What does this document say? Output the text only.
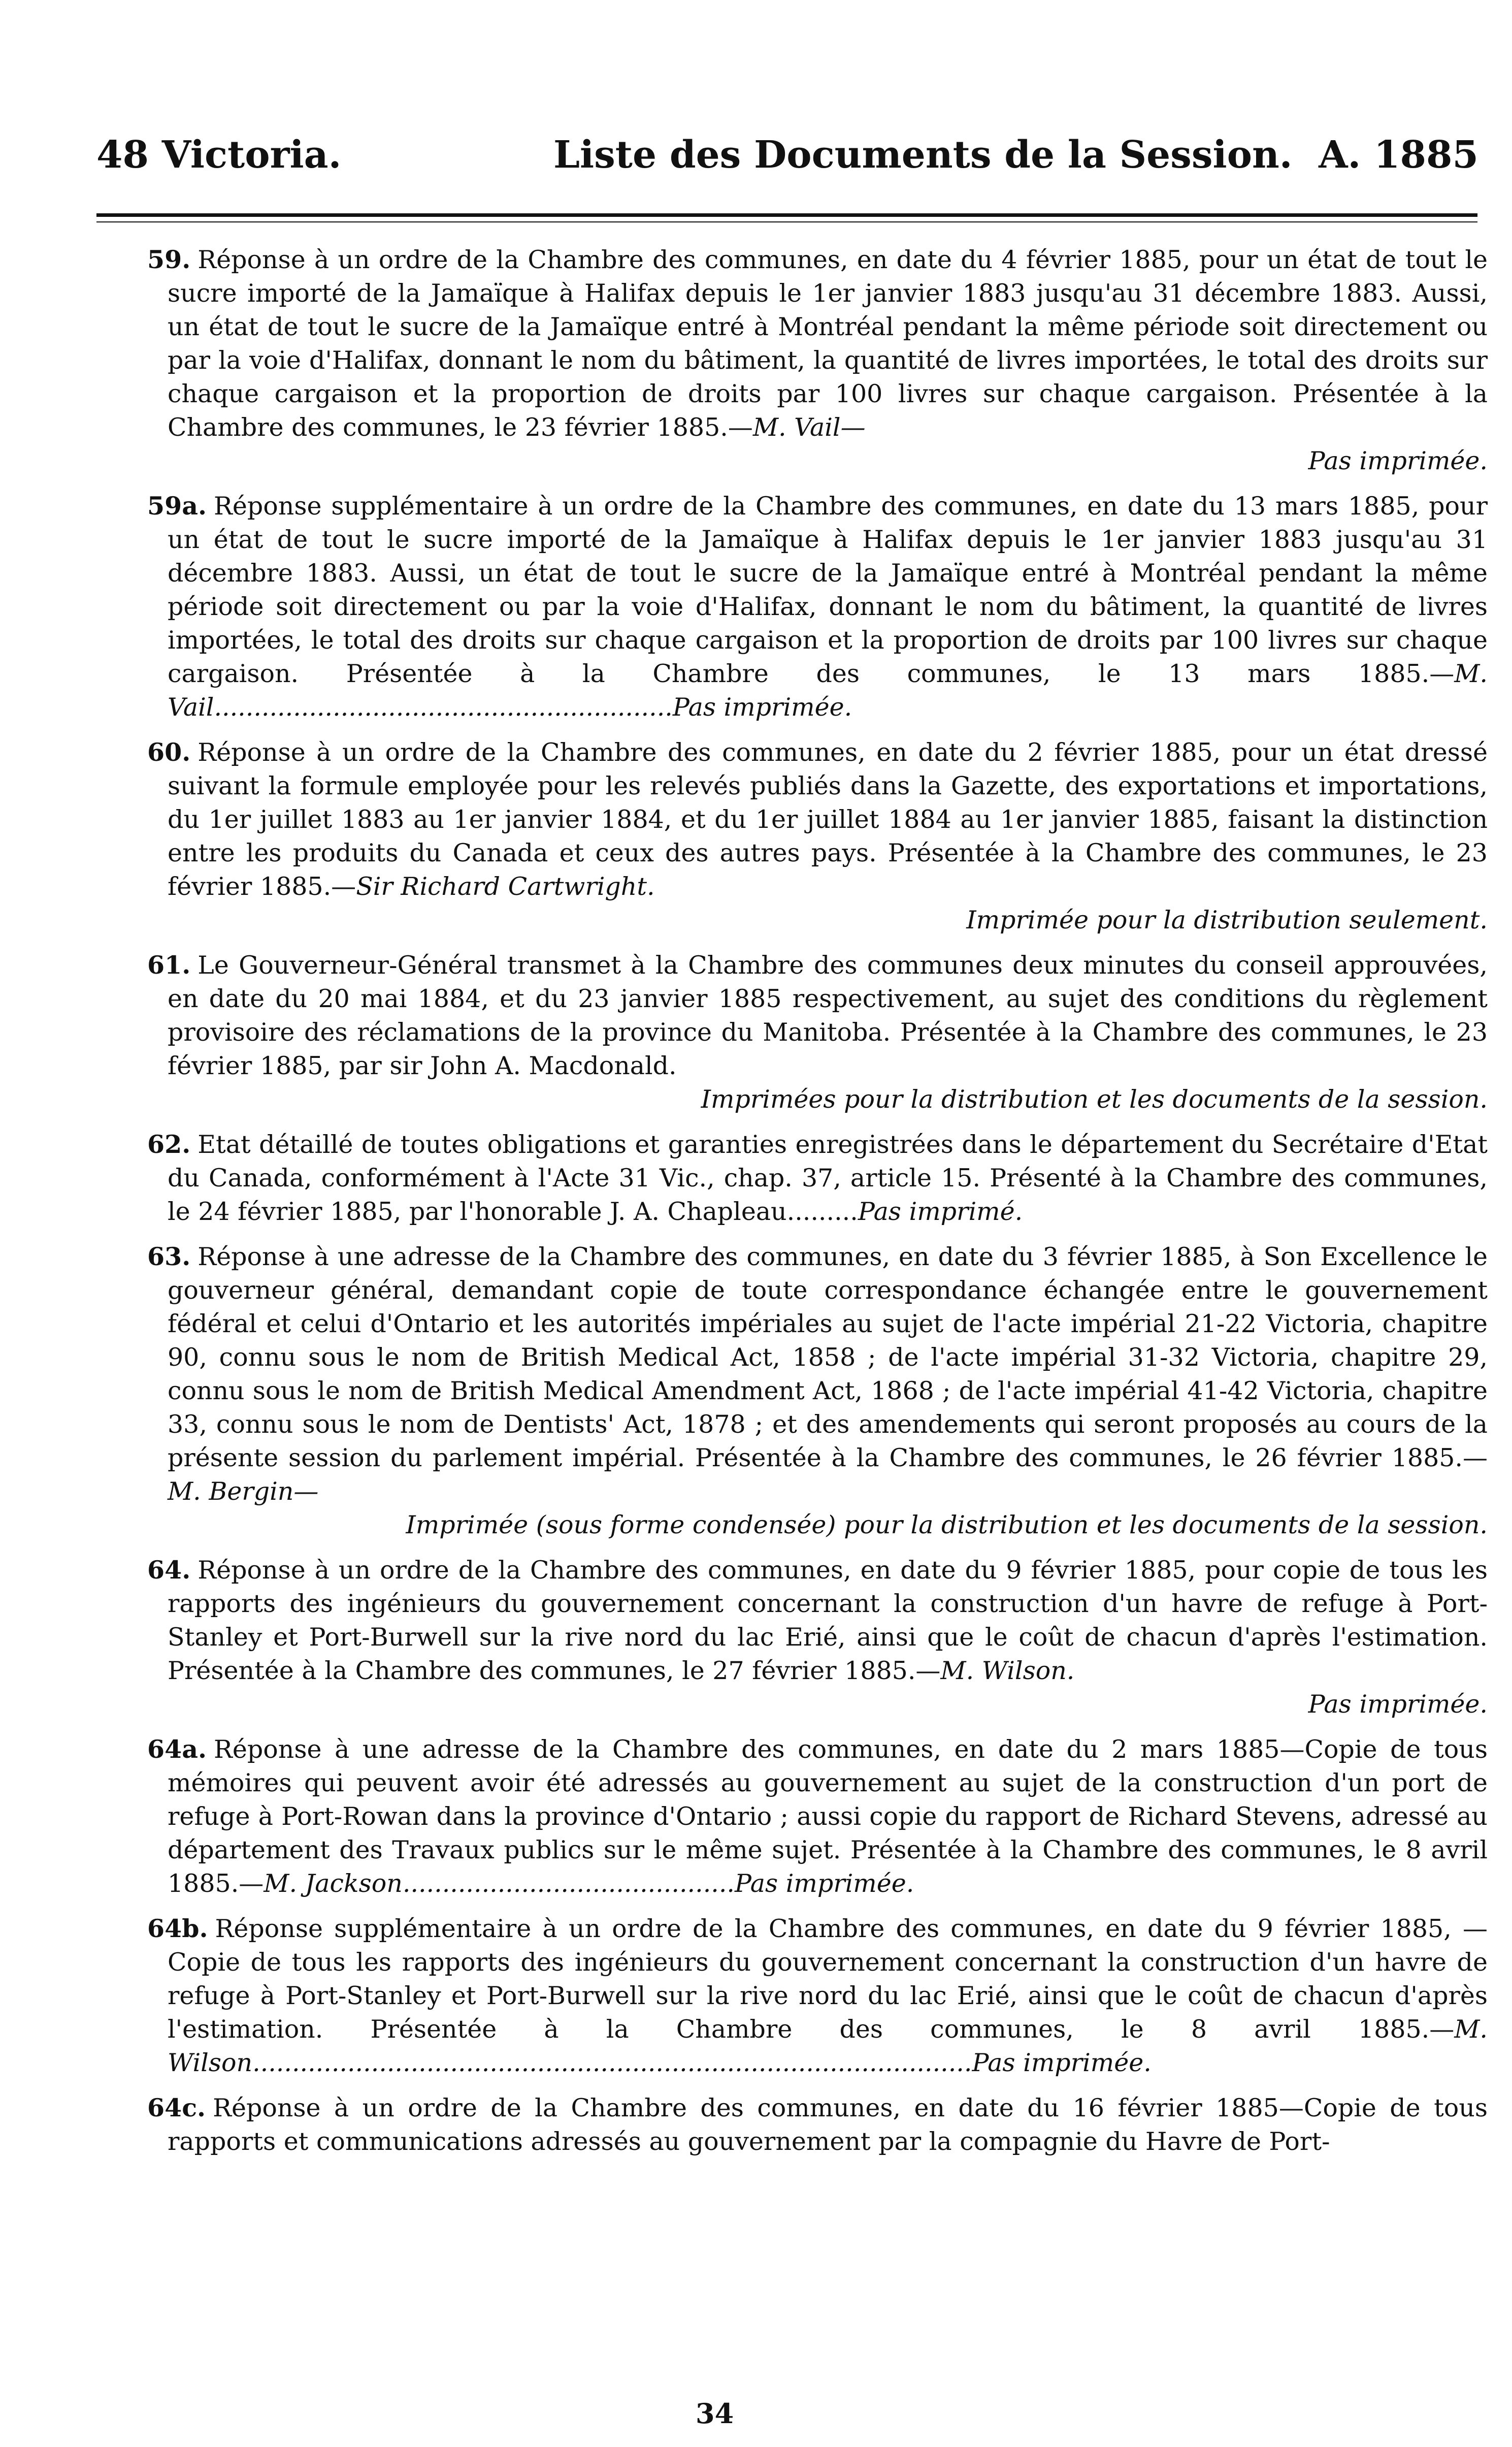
48 Victoria.	Liste des Documents de la Session. A. 1885

59. Réponse à un ordre de la Chambre des communes, en date du 4 février 1885, pour un état de tout le sucre importé de la Jamaïque à Halifax depuis le 1er janvier 1883 jusqu'au 31 décembre 1883. Aussi, un état de tout le sucre de la Jamaïque entré à Montréal pendant la même période soit directement ou par la voie d'Halifax, donnant le nom du bâtiment, la quantité de livres importées, le total des droits sur chaque cargaison et la proportion de droits par 100 livres sur chaque cargaison. Présentée à la Chambre des communes, le 23 février 1885.—M. Vail—

Pas imprimée.

59a. Réponse supplémentaire à un ordre de la Chambre des communes, en date du 13 mars 1885, pour un état de tout le sucre importé de la Jamaïque à Halifax depuis le 1er janvier 1883 jusqu'au 31 décembre 1883. Aussi, un état de tout le sucre de la Jamaïque entré à Montréal pendant la même période soit directement ou par la voie d'Halifax, donnant le nom du bâtiment, la quantité de livres importées, le total des droits sur chaque cargaison et la proportion de droits par 100 livres sur chaque cargaison. Présentée à la Chambre des communes, le 13 mars 1885.—M. Vail..........................................................Pas imprimée.

60. Réponse à un ordre de la Chambre des communes, en date du 2 février 1885, pour un état dressé suivant la formule employée pour les relevés publiés dans la Gazette, des exportations et importations, du 1er juillet 1883 au 1er janvier 1884, et du 1er juillet 1884 au 1er janvier 1885, faisant la distinction entre les produits du Canada et ceux des autres pays. Présentée à la Chambre des communes, le 23 février 1885.—Sir Richard Cartwright.

Imprimée pour la distribution seulement.

61. Le Gouverneur-Général transmet à la Chambre des communes deux minutes du conseil approuvées, en date du 20 mai 1884, et du 23 janvier 1885 respectivement, au sujet des conditions du règlement provisoire des réclamations de la province du Manitoba. Présentée à la Chambre des communes, le 23 février 1885, par sir John A. Macdonald.

Imprimées pour la distribution et les documents de la session.

62. Etat détaillé de toutes obligations et garanties enregistrées dans le département du Secrétaire d'Etat du Canada, conformément à l'Acte 31 Vic., chap. 37, article 15. Présenté à la Chambre des communes, le 24 février 1885, par l'honorable J. A. Chapleau.........Pas imprimé.

63. Réponse à une adresse de la Chambre des communes, en date du 3 février 1885, à Son Excellence le gouverneur général, demandant copie de toute correspondance échangée entre le gouvernement fédéral et celui d'Ontario et les autorités impériales au sujet de l'acte impérial 21-22 Victoria, chapitre 90, connu sous le nom de British Medical Act, 1858 ; de l'acte impérial 31-32 Victoria, chapitre 29, connu sous le nom de British Medical Amendment Act, 1868 ; de l'acte impérial 41-42 Victoria, chapitre 33, connu sous le nom de Dentists' Act, 1878 ; et des amendements qui seront proposés au cours de la présente session du parlement impérial. Présentée à la Chambre des communes, le 26 février 1885.—M. Bergin—

Imprimée (sous forme condensée) pour la distribution et les documents de la session.

64. Réponse à un ordre de la Chambre des communes, en date du 9 février 1885, pour copie de tous les rapports des ingénieurs du gouvernement concernant la construction d'un havre de refuge à Port-Stanley et Port-Burwell sur la rive nord du lac Erié, ainsi que le coût de chacun d'après l'estimation. Présentée à la Chambre des communes, le 27 février 1885.—M. Wilson.

Pas imprimée.

64a. Réponse à une adresse de la Chambre des communes, en date du 2 mars 1885—Copie de tous mémoires qui peuvent avoir été adressés au gouvernement au sujet de la construction d'un port de refuge à Port-Rowan dans la province d'Ontario ; aussi copie du rapport de Richard Stevens, adressé au département des Travaux publics sur le même sujet. Présentée à la Chambre des communes, le 8 avril 1885.—M. Jackson..........................................Pas imprimée.

64b. Réponse supplémentaire à un ordre de la Chambre des communes, en date du 9 février 1885, —Copie de tous les rapports des ingénieurs du gouvernement concernant la construction d'un havre de refuge à Port-Stanley et Port-Burwell sur la rive nord du lac Erié, ainsi que le coût de chacun d'après l'estimation. Présentée à la Chambre des communes, le 8 avril 1885.—M. Wilson...........................................................................................Pas imprimée.

64c. Réponse à un ordre de la Chambre des communes, en date du 16 février 1885—Copie de tous rapports et communications adressés au gouvernement par la compagnie du Havre de Port-

34
